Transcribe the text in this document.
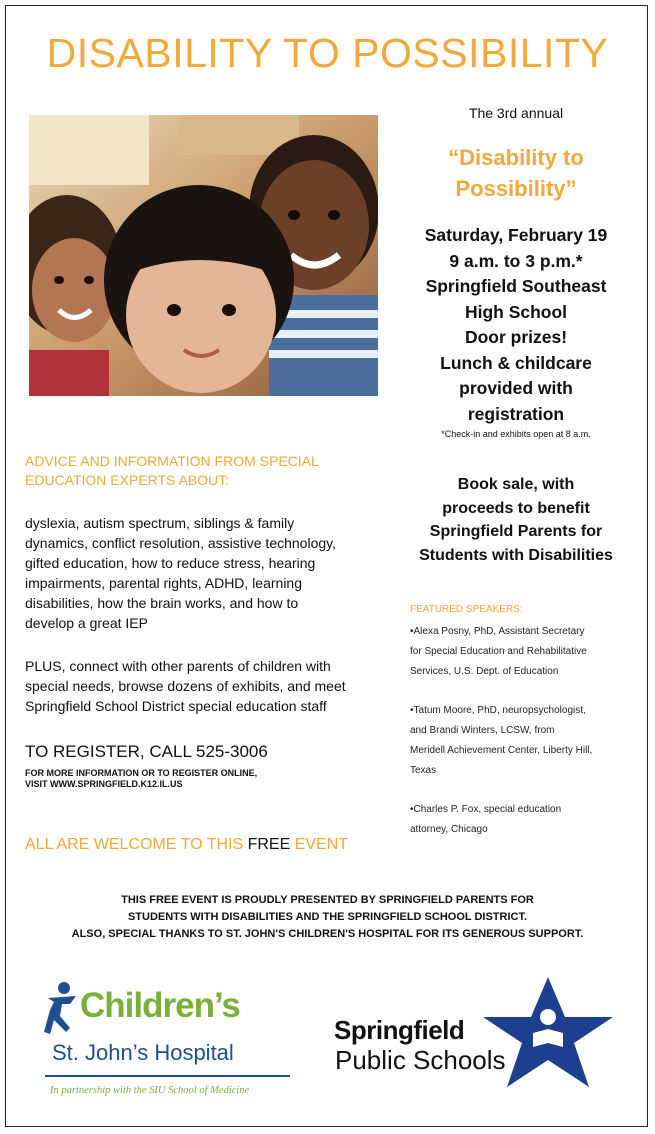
DISABILITY TO POSSIBILITY
The 3rd annual
“Disability to
Possibility”
Saturday, February 19
9 a.m. to 3 p.m.*
Springfield Southeast
High School
Door prizes!
Lunch & childcare
provided with
registration
*Check-in and exhibits open at 8 a.m.
Book sale, with
proceeds to benefit
Springfield Parents for
Students with Disabilities
ADVICE AND INFORMATION FROM SPECIAL
EDUCATION EXPERTS ABOUT:
dyslexia, autism spectrum, siblings & family
dynamics, conflict resolution, assistive technology,
gifted education, how to reduce stress, hearing
impairments, parental rights, ADHD, learning
disabilities, how the brain works, and how to
develop a great IEP
PLUS, connect with other parents of children with
special needs, browse dozens of exhibits, and meet
Springfield School District special education staff
TO REGISTER, CALL 525-3006
FOR MORE INFORMATION OR TO REGISTER ONLINE,
VISIT WWW.SPRINGFIELD.K12.IL.US
ALL ARE WELCOME TO THIS FREE EVENT
FEATURED SPEAKERS:
•Alexa Posny, PhD, Assistant Secretary
for Special Education and Rehabilitative
Services, U.S. Dept. of Education
•Tatum Moore, PhD, neuropsychologist,
and Brandi Winters, LCSW, from
Meridell Achievement Center, Liberty Hill,
Texas
•Charles P. Fox, special education
attorney, Chicago
THIS FREE EVENT IS PROUDLY PRESENTED BY SPRINGFIELD PARENTS FOR
STUDENTS WITH DISABILITIES AND THE SPRINGFIELD SCHOOL DISTRICT.
ALSO, SPECIAL THANKS TO ST. JOHN'S CHILDREN'S HOSPITAL FOR ITS GENEROUS SUPPORT.
Children’s
St. John’s Hospital
In partnership with the SIU School of Medicine
Springfield
Public Schools
